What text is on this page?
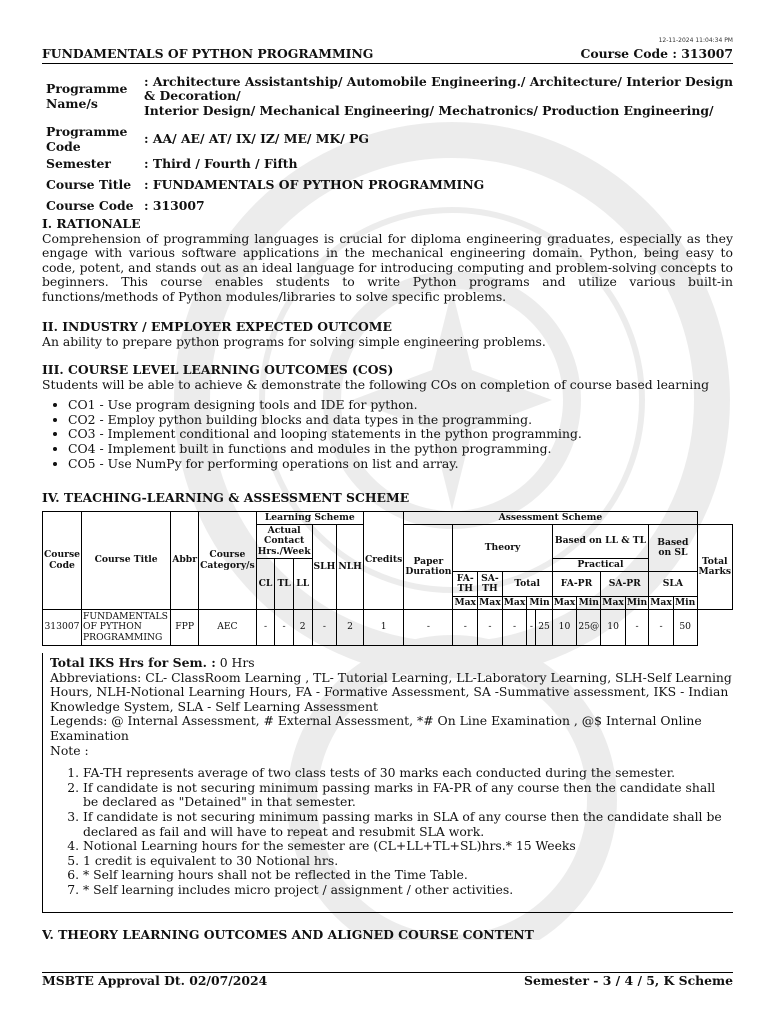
12-11-2024 11:04:34 PM
FUNDAMENTALS OF PYTHON PROGRAMMING	Course Code : 313007
Programme Name/s	: Architecture Assistantship/ Automobile Engineering./ Architecture/ Interior Design
& Decoration/
Interior Design/ Mechanical Engineering/ Mechatronics/ Production Engineering/

Programme Code	: AA/ AE/ AT/ IX/ IZ/ ME/ MK/ PG
Semester	: Third / Fourth / Fifth
Course Title	: FUNDAMENTALS OF PYTHON PROGRAMMING
Course Code	: 313007
I. RATIONALE
Comprehension of programming languages is crucial for diploma engineering graduates, especially as they engage with various software applications in the mechanical engineering domain. Python, being easy to code, potent, and stands out as an ideal language for introducing computing and problem-solving concepts to beginners. This course enables students to write Python programs and utilize various built-in functions/methods of Python modules/libraries to solve specific problems.
II. INDUSTRY / EMPLOYER EXPECTED OUTCOME
An ability to prepare python programs for solving simple engineering problems.
III. COURSE LEVEL LEARNING OUTCOMES (COS)
Students will be able to achieve & demonstrate the following COs on completion of course based learning
• CO1 - Use program designing tools and IDE for python.
• CO2 - Employ python building blocks and data types in the programming.
• CO3 - Implement conditional and looping statements in the python programming.
• CO4 - Implement built in functions and modules in the python programming.
• CO5 - Use NumPy for performing operations on list and array.
IV. TEACHING-LEARNING & ASSESSMENT SCHEME
Course Code	Course Title	Abbr	Course Category/s	Learning Scheme					Credits	Assessment Scheme												
				Actual Contact Hrs./Week			SLH	NLH		Paper Duration	Theory					Based on LL & TL				Based on SL		Total Marks
				CL	TL	LL										Practical						
											FA-TH	SA-TH	Total			FA-PR		SA-PR		SLA		
											Max	Max	Max	Min		Max	Min	Max	Min	Max	Min	
313007	FUNDAMENTALS OF PYTHON PROGRAMMING	FPP	AEC	-	-	2	-	2	1	-	-	-	-	-	25	10	25@	10	-	-	50	
Total IKS Hrs for Sem. : 0 Hrs
Abbreviations: CL- ClassRoom Learning , TL- Tutorial Learning, LL-Laboratory Learning, SLH-Self Learning Hours, NLH-Notional Learning Hours, FA - Formative Assessment, SA -Summative assessment, IKS - Indian Knowledge System, SLA - Self Learning Assessment
Legends: @ Internal Assessment, # External Assessment, *# On Line Examination , @$ Internal Online Examination
Note :
1. FA-TH represents average of two class tests of 30 marks each conducted during the semester.
2. If candidate is not securing minimum passing marks in FA-PR of any course then the candidate shall be declared as "Detained" in that semester.
3. If candidate is not securing minimum passing marks in SLA of any course then the candidate shall be declared as fail and will have to repeat and resubmit SLA work.
4. Notional Learning hours for the semester are (CL+LL+TL+SL)hrs.* 15 Weeks
5. 1 credit is equivalent to 30 Notional hrs.
6. * Self learning hours shall not be reflected in the Time Table.
7. * Self learning includes micro project / assignment / other activities.
V. THEORY LEARNING OUTCOMES AND ALIGNED COURSE CONTENT
MSBTE Approval Dt. 02/07/2024	Semester - 3 / 4 / 5, K Scheme
